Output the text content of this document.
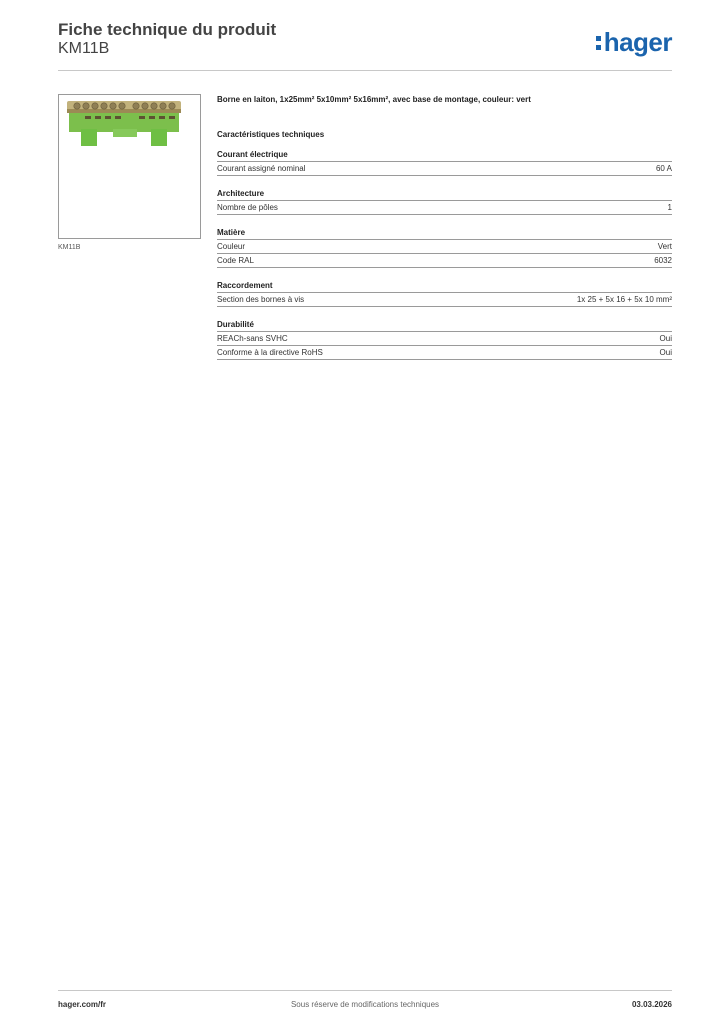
Fiche technique du produit
KM11B	hager
KM11B
Borne en laiton, 1x25mm² 5x10mm² 5x16mm², avec base de montage, couleur: vert
Caractéristiques techniques
Courant électrique
Courant assigné nominal	60 A
Architecture
Nombre de pôles	1
Matière
Couleur	Vert
Code RAL	6032
Raccordement
Section des bornes à vis	1x 25 + 5x 16 + 5x 10 mm²
Durabilité
REACh-sans SVHC	Oui
Conforme à la directive RoHS	Oui
hager.com/fr	Sous réserve de modifications techniques	03.03.2026
